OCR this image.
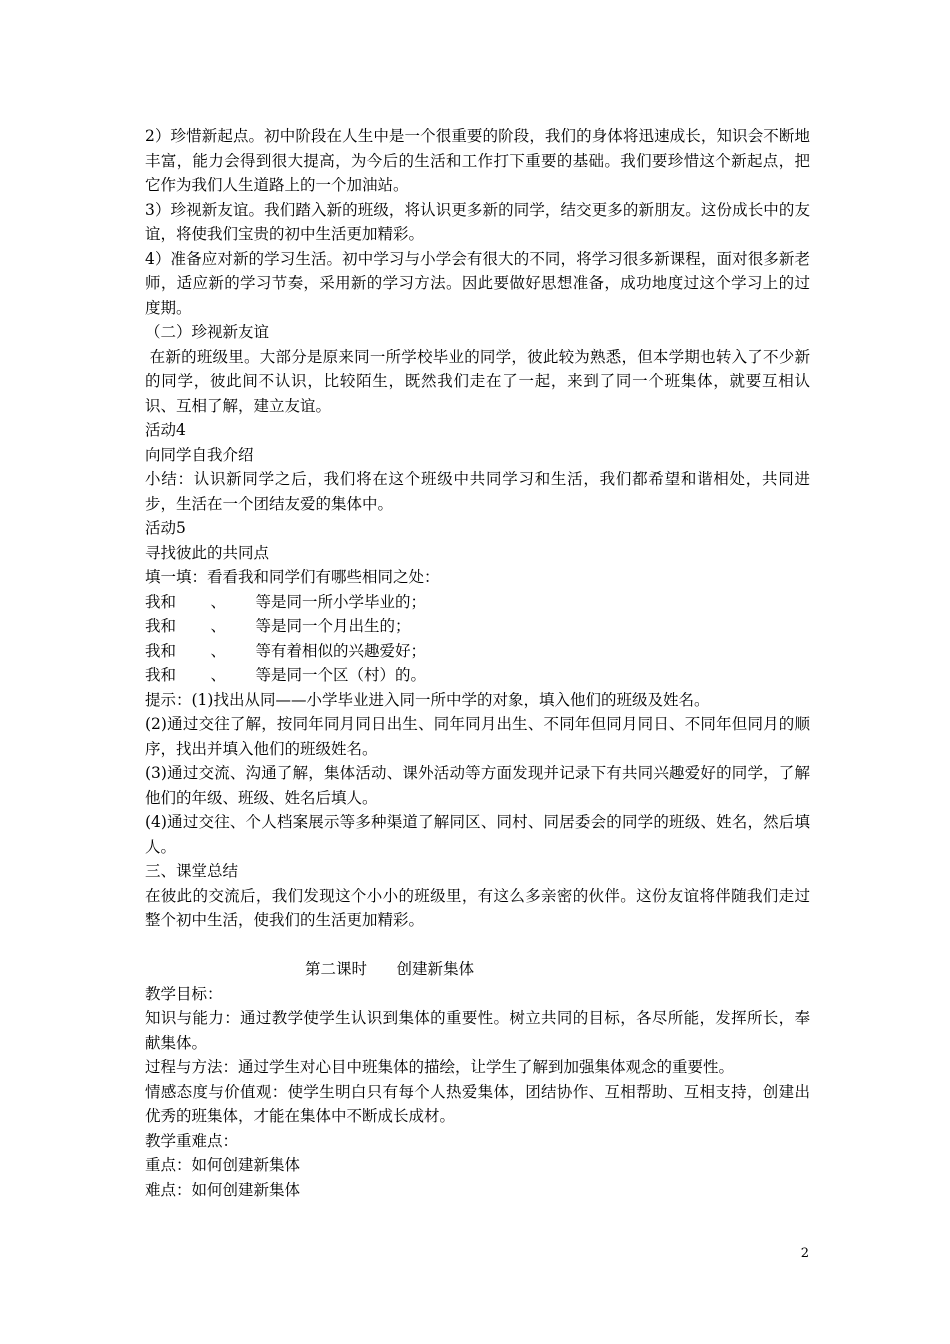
2）珍惜新起点。初中阶段在人生中是一个很重要的阶段，我们的身体将迅速成长，知识会不断地丰富，能力会得到很大提高，为今后的生活和工作打下重要的基础。我们要珍惜这个新起点，把它作为我们人生道路上的一个加油站。

3）珍视新友谊。我们踏入新的班级，将认识更多新的同学，结交更多的新朋友。这份成长中的友谊，将使我们宝贵的初中生活更加精彩。

4）准备应对新的学习生活。初中学习与小学会有很大的不同，将学习很多新课程，面对很多新老师，适应新的学习节奏，采用新的学习方法。因此要做好思想准备，成功地度过这个学习上的过度期。

（二）珍视新友谊

在新的班级里。大部分是原来同一所学校毕业的同学，彼此较为熟悉，但本学期也转入了不少新的同学，彼此间不认识，比较陌生，既然我们走在了一起，来到了同一个班集体，就要互相认识、互相了解，建立友谊。

活动4

向同学自我介绍

小结：认识新同学之后，我们将在这个班级中共同学习和生活，我们都希望和谐相处，共同进步，生活在一个团结友爱的集体中。

活动5

寻找彼此的共同点

填一填：看看我和同学们有哪些相同之处：

我和       、      等是同一所小学毕业的；

我和       、      等是同一个月出生的；

我和       、      等有着相似的兴趣爱好；

我和       、      等是同一个区（村）的。

提示：(1)找出从同——小学毕业进入同一所中学的对象，填入他们的班级及姓名。

(2)通过交往了解，按同年同月同日出生、同年同月出生、不同年但同月同日、不同年但同月的顺序，找出并填入他们的班级姓名。

(3)通过交流、沟通了解，集体活动、课外活动等方面发现并记录下有共同兴趣爱好的同学，了解他们的年级、班级、姓名后填人。

(4)通过交往、个人档案展示等多种渠道了解同区、同村、同居委会的同学的班级、姓名，然后填人。

三、课堂总结

在彼此的交流后，我们发现这个小小的班级里，有这么多亲密的伙伴。这份友谊将伴随我们走过整个初中生活，使我们的生活更加精彩。

第二课时      创建新集体

教学目标：

知识与能力：通过教学使学生认识到集体的重要性。树立共同的目标，各尽所能，发挥所长，奉献集体。

过程与方法：通过学生对心目中班集体的描绘，让学生了解到加强集体观念的重要性。

情感态度与价值观：使学生明白只有每个人热爱集体，团结协作、互相帮助、互相支持，创建出优秀的班集体，才能在集体中不断成长成材。

教学重难点：

重点：如何创建新集体

难点：如何创建新集体

2
